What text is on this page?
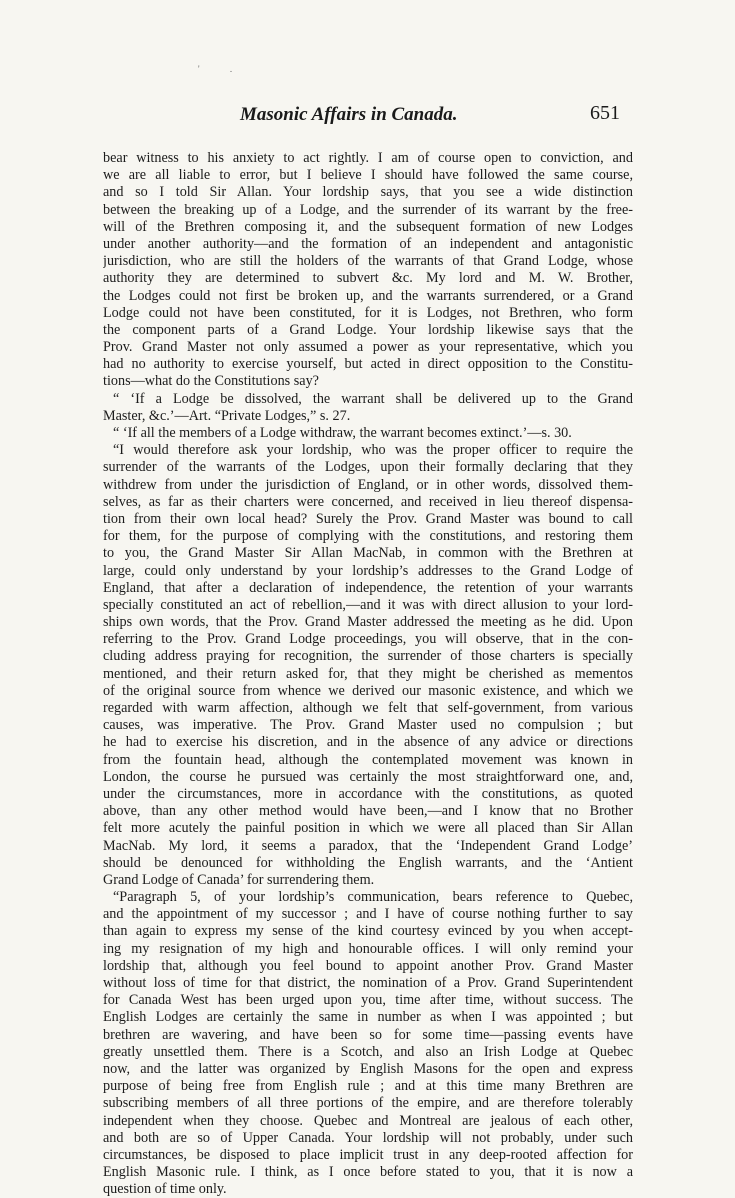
' .
Masonic Affairs in Canada.	651
bear witness to his anxiety to act rightly. I am of course open to conviction, and
we are all liable to error, but I believe I should have followed the same course,
and so I told Sir Allan. Your lordship says, that you see a wide distinction
between the breaking up of a Lodge, and the surrender of its warrant by the free-
will of the Brethren composing it, and the subsequent formation of new Lodges
under another authority—and the formation of an independent and antagonistic
jurisdiction, who are still the holders of the warrants of that Grand Lodge, whose
authority they are determined to subvert &c. My lord and M. W. Brother,
the Lodges could not first be broken up, and the warrants surrendered, or a Grand
Lodge could not have been constituted, for it is Lodges, not Brethren, who form
the component parts of a Grand Lodge. Your lordship likewise says that the
Prov. Grand Master not only assumed a power as your representative, which you
had no authority to exercise yourself, but acted in direct opposition to the Constitu-
tions—what do the Constitutions say?
“ ‘If a Lodge be dissolved, the warrant shall be delivered up to the Grand
Master, &c.’—Art. “Private Lodges,” s. 27.
“ ‘If all the members of a Lodge withdraw, the warrant becomes extinct.’—s. 30.
“I would therefore ask your lordship, who was the proper officer to require the
surrender of the warrants of the Lodges, upon their formally declaring that they
withdrew from under the jurisdiction of England, or in other words, dissolved them-
selves, as far as their charters were concerned, and received in lieu thereof dispensa-
tion from their own local head? Surely the Prov. Grand Master was bound to call
for them, for the purpose of complying with the constitutions, and restoring them
to you, the Grand Master Sir Allan MacNab, in common with the Brethren at
large, could only understand by your lordship’s addresses to the Grand Lodge of
England, that after a declaration of independence, the retention of your warrants
specially constituted an act of rebellion,—and it was with direct allusion to your lord-
ships own words, that the Prov. Grand Master addressed the meeting as he did. Upon
referring to the Prov. Grand Lodge proceedings, you will observe, that in the con-
cluding address praying for recognition, the surrender of those charters is specially
mentioned, and their return asked for, that they might be cherished as mementos
of the original source from whence we derived our masonic existence, and which we
regarded with warm affection, although we felt that self-government, from various
causes, was imperative. The Prov. Grand Master used no compulsion ; but
he had to exercise his discretion, and in the absence of any advice or directions
from the fountain head, although the contemplated movement was known in
London, the course he pursued was certainly the most straightforward one, and,
under the circumstances, more in accordance with the constitutions, as quoted
above, than any other method would have been,—and I know that no Brother
felt more acutely the painful position in which we were all placed than Sir Allan
MacNab. My lord, it seems a paradox, that the ‘Independent Grand Lodge’
should be denounced for withholding the English warrants, and the ‘Antient
Grand Lodge of Canada’ for surrendering them.
“Paragraph 5, of your lordship’s communication, bears reference to Quebec,
and the appointment of my successor ; and I have of course nothing further to say
than again to express my sense of the kind courtesy evinced by you when accept-
ing my resignation of my high and honourable offices. I will only remind your
lordship that, although you feel bound to appoint another Prov. Grand Master
without loss of time for that district, the nomination of a Prov. Grand Superintendent
for Canada West has been urged upon you, time after time, without success. The
English Lodges are certainly the same in number as when I was appointed ; but
brethren are wavering, and have been so for some time—passing events have
greatly unsettled them. There is a Scotch, and also an Irish Lodge at Quebec
now, and the latter was organized by English Masons for the open and express
purpose of being free from English rule ; and at this time many Brethren are
subscribing members of all three portions of the empire, and are therefore tolerably
independent when they choose. Quebec and Montreal are jealous of each other,
and both are so of Upper Canada. Your lordship will not probably, under such
circumstances, be disposed to place implicit trust in any deep-rooted affection for
English Masonic rule. I think, as I once before stated to you, that it is now a
question of time only.
